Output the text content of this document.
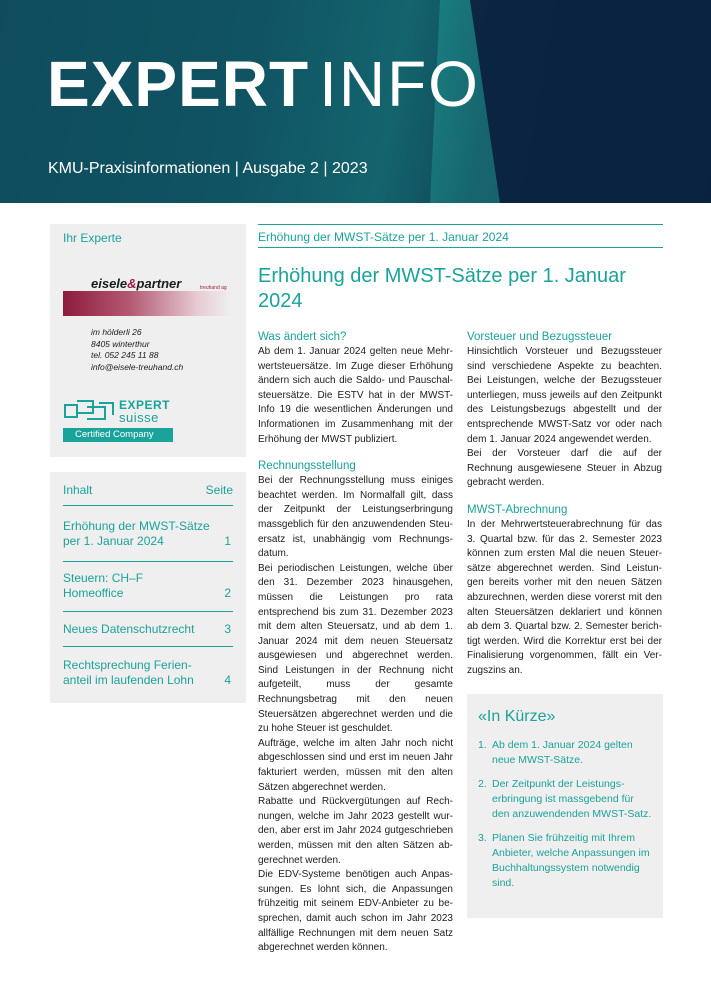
EXPERT INFO
KMU-Praxisinformationen | Ausgabe 2 | 2023
Ihr Experte
eisele&partner	treuhand ag
im hölderli 26
8405 winterthur
tel. 052 245 11 88
info@eisele-treuhand.ch
EXPERT
suisse
Certified Company
Inhalt	Seite
Erhöhung der MWST-Sätze per 1. Januar 2024	1
Steuern: CH–F Homeoffice	2
Neues Datenschutzrecht	3
Rechtsprechung Ferienanteil im laufenden Lohn	4
Erhöhung der MWST-Sätze per 1. Januar 2024
Erhöhung der MWST-Sätze per 1. Januar 2024
Was ändert sich?

Ab dem 1. Januar 2024 gelten neue Mehrwertsteuersätze. Im Zuge dieser Erhöhung ändern sich auch die Saldo- und Pauschalsteuersätze. Die ESTV hat in der MWST-Info 19 die wesentlichen Änderungen und Informationen im Zusammenhang mit der Erhöhung der MWST publiziert.

Rechnungsstellung

Bei der Rechnungsstellung muss einiges beachtet werden. Im Normalfall gilt, dass der Zeitpunkt der Leistungserbringung massgeblich für den anzuwendenden Steuersatz ist, unabhängig vom Rechnungsdatum.

Bei periodischen Leistungen, welche über den 31. Dezember 2023 hinausgehen, müssen die Leistungen pro rata entsprechend bis zum 31. Dezember 2023 mit dem alten Steuersatz, und ab dem 1. Januar 2024 mit dem neuen Steuersatz ausgewiesen und abgerechnet werden. Sind Leistungen in der Rechnung nicht aufgeteilt, muss der gesamte Rechnungsbetrag mit den neuen Steuersätzen abgerechnet werden und die zu hohe Steuer ist geschuldet.

Aufträge, welche im alten Jahr noch nicht abgeschlossen sind und erst im neuen Jahr fakturiert werden, müssen mit den alten Sätzen abgerechnet werden.

Rabatte und Rückvergütungen auf Rechnungen, welche im Jahr 2023 gestellt wurden, aber erst im Jahr 2024 gutgeschrieben werden, müssen mit den alten Sätzen abgerechnet werden.

Die EDV-Systeme benötigen auch Anpassungen. Es lohnt sich, die Anpassungen frühzeitig mit seinem EDV-Anbieter zu besprechen, damit auch schon im Jahr 2023 allfällige Rechnungen mit dem neuen Satz abgerechnet werden können.

Vorsteuer und Bezugssteuer

Hinsichtlich Vorsteuer und Bezugssteuer sind verschiedene Aspekte zu beachten. Bei Leistungen, welche der Bezugssteuer unterliegen, muss jeweils auf den Zeitpunkt des Leistungsbezugs abgestellt und der entsprechende MWST-Satz vor oder nach dem 1. Januar 2024 angewendet werden.

Bei der Vorsteuer darf die auf der Rechnung ausgewiesene Steuer in Abzug gebracht werden.

MWST-Abrechnung

In der Mehrwertsteuerabrechnung für das 3. Quartal bzw. für das 2. Semester 2023 können zum ersten Mal die neuen Steuersätze abgerechnet werden. Sind Leistungen bereits vorher mit den neuen Sätzen abzurechnen, werden diese vorerst mit den alten Steuersätzen deklariert und können ab dem 3. Quartal bzw. 2. Semester berichtigt werden. Wird die Korrektur erst bei der Finalisierung vorgenommen, fällt ein Verzugszins an.

«In Kürze»
1. Ab dem 1. Januar 2024 gelten neue MWST-Sätze.
2. Der Zeitpunkt der Leistungserbringung ist massgebend für den anzuwendenden MWST-Satz.
3. Planen Sie frühzeitig mit Ihrem Anbieter, welche Anpassungen im Buchhaltungssystem notwendig sind.
